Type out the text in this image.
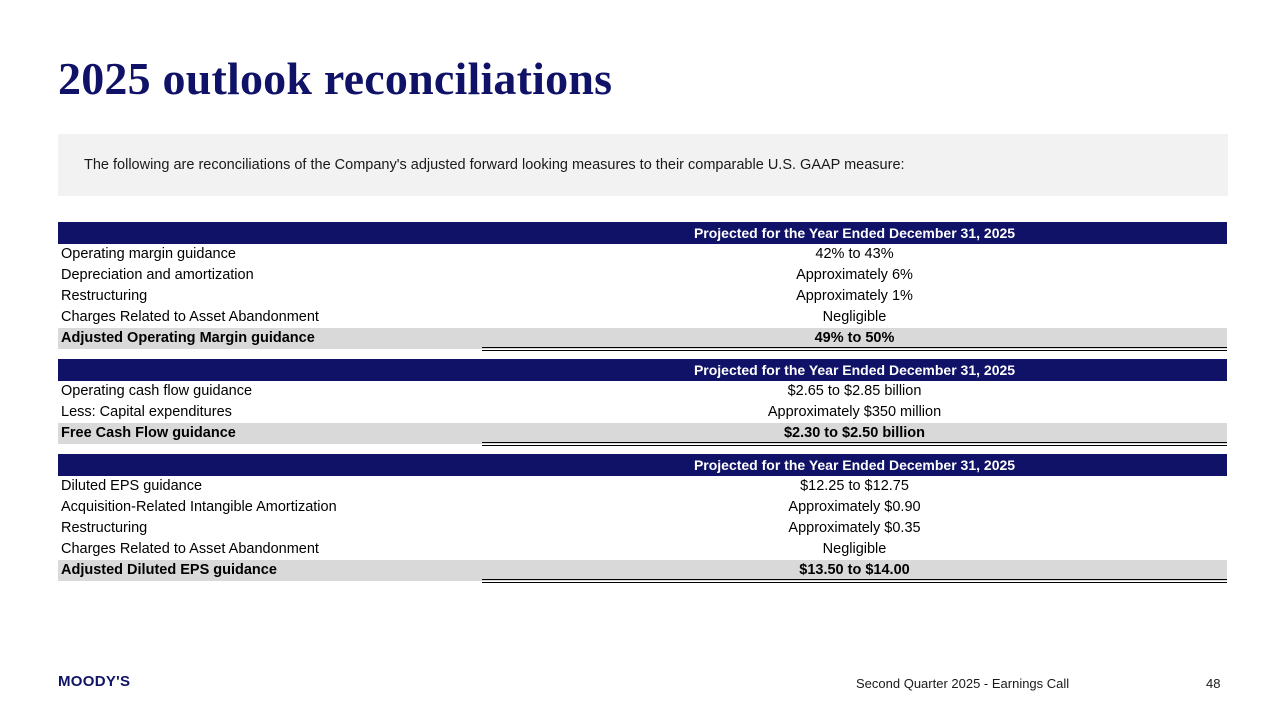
2025 outlook reconciliations

The following are reconciliations of the Company's adjusted forward looking measures to their comparable U.S. GAAP measure:

Projected for the Year Ended December 31, 2025
Operating margin guidance	42% to 43%
Depreciation and amortization	Approximately 6%
Restructuring	Approximately 1%
Charges Related to Asset Abandonment	Negligible
Adjusted Operating Margin guidance	49% to 50%
Projected for the Year Ended December 31, 2025
Operating cash flow guidance	$2.65 to $2.85 billion
Less: Capital expenditures	Approximately $350 million
Free Cash Flow guidance	$2.30 to $2.50 billion
Projected for the Year Ended December 31, 2025
Diluted EPS guidance	$12.25 to $12.75
Acquisition-Related Intangible Amortization	Approximately $0.90
Restructuring	Approximately $0.35
Charges Related to Asset Abandonment	Negligible
Adjusted Diluted EPS guidance	$13.50 to $14.00
MOODY'S	Second Quarter 2025 - Earnings Call	48
